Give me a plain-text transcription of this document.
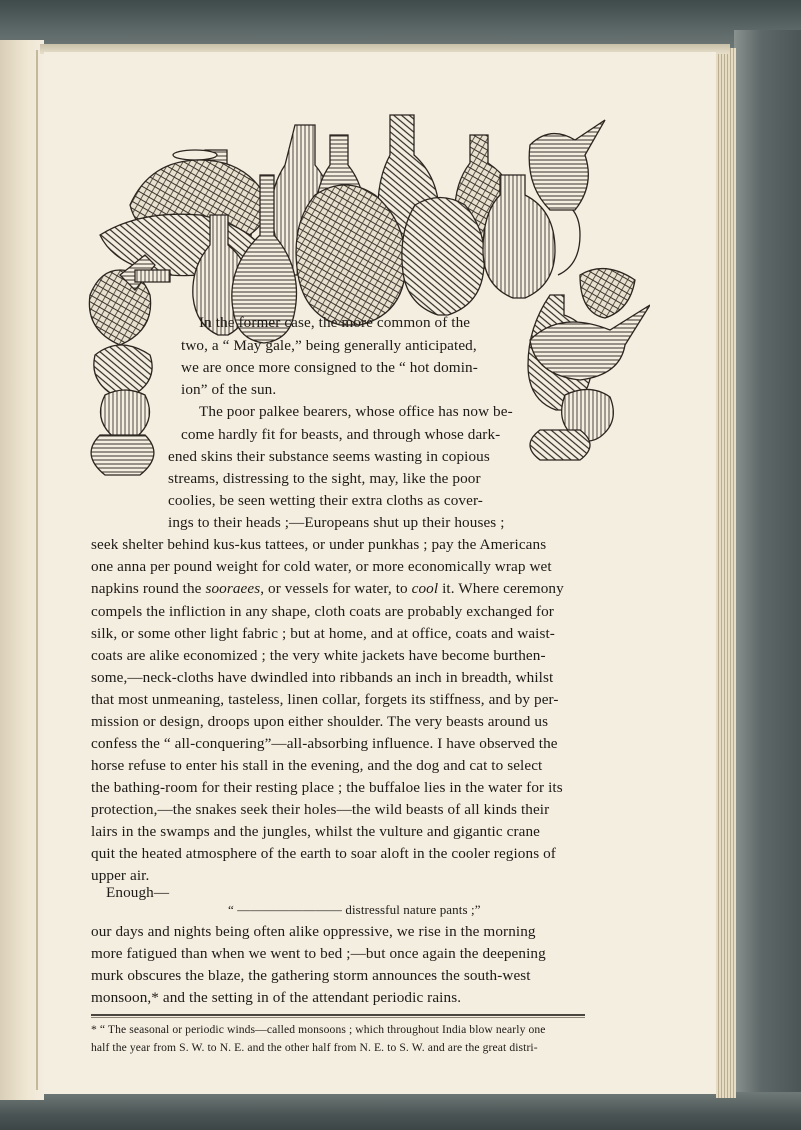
In the former case, the more common of the
two, a “ May gale,” being generally anticipated,
we are once more consigned to the “ hot domin-
ion” of the sun.
The poor palkee bearers, whose office has now be-
come hardly fit for beasts, and through whose dark-
ened skins their substance seems wasting in copious
streams, distressing to the sight, may, like the poor
coolies, be seen wetting their extra cloths as cover-
ings to their heads ;—Europeans shut up their houses ;
seek shelter behind kus-kus tattees, or under punkhas ; pay the Americans
one anna per pound weight for cold water, or more economically wrap wet
napkins round the sooraees, or vessels for water, to cool it. Where ceremony
compels the infliction in any shape, cloth coats are probably exchanged for
silk, or some other light fabric ; but at home, and at office, coats and waist-
coats are alike economized ; the very white jackets have become burthen-
some,—neck-cloths have dwindled into ribbands an inch in breadth, whilst
that most unmeaning, tasteless, linen collar, forgets its stiffness, and by per-
mission or design, droops upon either shoulder. The very beasts around us
confess the “ all-conquering”—all-absorbing influence. I have observed the
horse refuse to enter his stall in the evening, and the dog and cat to select
the bathing-room for their resting place ; the buffaloe lies in the water for its
protection,—the snakes seek their holes—the wild beasts of all kinds their
lairs in the swamps and the jungles, whilst the vulture and gigantic crane
quit the heated atmosphere of the earth to soar aloft in the cooler regions of
upper air.
Enough—
“ ———————— distressful nature pants ;”
our days and nights being often alike oppressive, we rise in the morning
more fatigued than when we went to bed ;—but once again the deepening
murk obscures the blaze, the gathering storm announces the south-west
monsoon,* and the setting in of the attendant periodic rains.
* “ The seasonal or periodic winds—called monsoons ; which throughout India blow nearly one
half the year from S. W. to N. E. and the other half from N. E. to S. W. and are the great distri-
